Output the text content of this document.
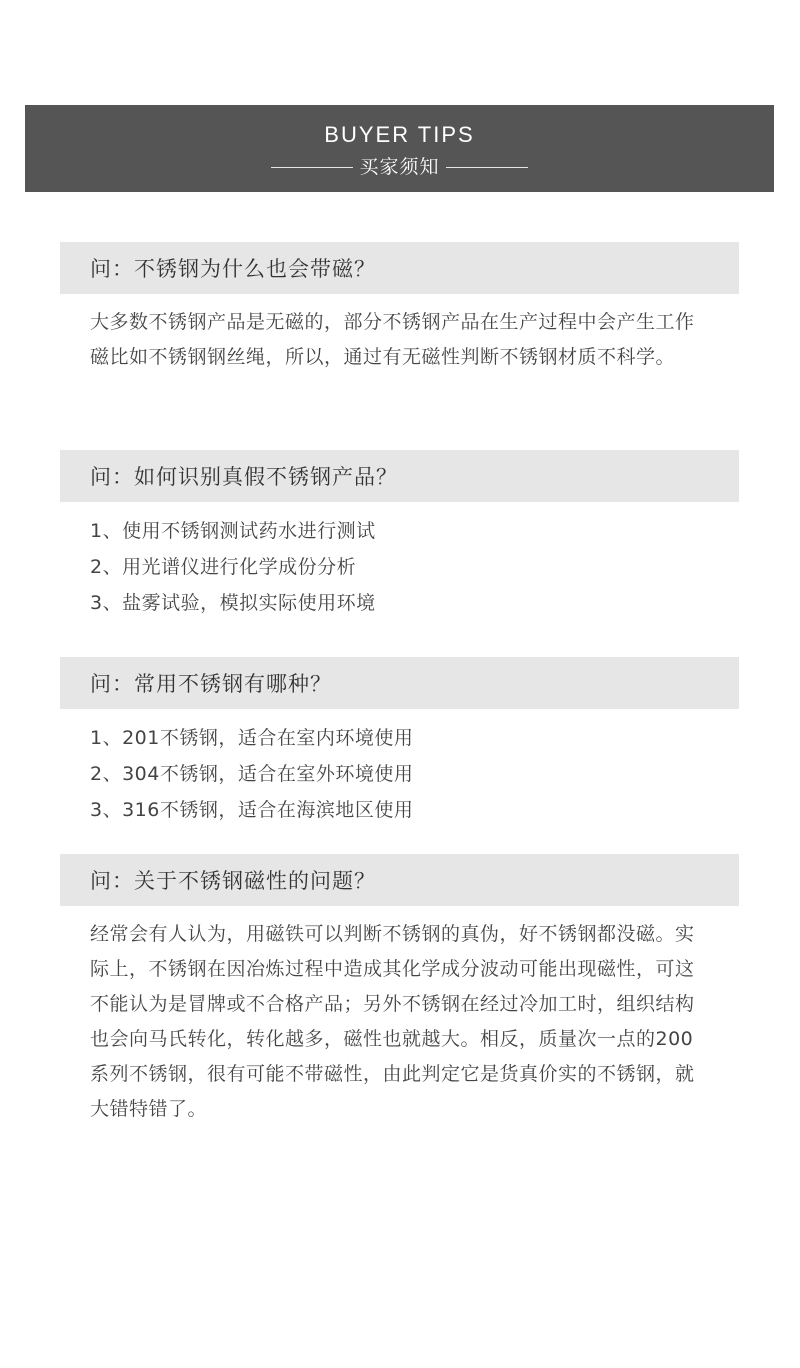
BUYER TIPS
买家须知
问：不锈钢为什么也会带磁？

大多数不锈钢产品是无磁的，部分不锈钢产品在生产过程中会产生工作磁比如不锈钢钢丝绳，所以，通过有无磁性判断不锈钢材质不科学。

问：如何识别真假不锈钢产品？
1、使用不锈钢测试药水进行测试
2、用光谱仪进行化学成份分析
3、盐雾试验，模拟实际使用环境
问：常用不锈钢有哪种？
1、201不锈钢，适合在室内环境使用
2、304不锈钢，适合在室外环境使用
3、316不锈钢，适合在海滨地区使用
问：关于不锈钢磁性的问题？

经常会有人认为，用磁铁可以判断不锈钢的真伪，好不锈钢都没磁。实际上，不锈钢在因冶炼过程中造成其化学成分波动可能出现磁性，可这不能认为是冒牌或不合格产品；另外不锈钢在经过冷加工时，组织结构也会向马氏转化，转化越多，磁性也就越大。相反，质量次一点的200系列不锈钢，很有可能不带磁性，由此判定它是货真价实的不锈钢，就大错特错了。
